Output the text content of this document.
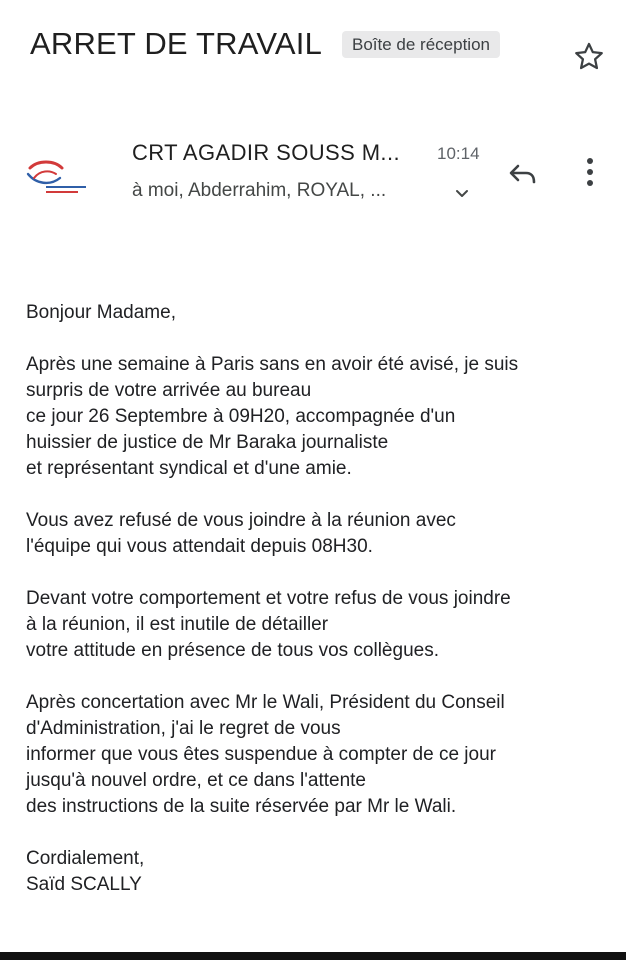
ARRET DE TRAVAIL	Boîte de réception
CRT AGADIR SOUSS M... 10:14
à moi, Abderrahim, ROYAL, ...

Bonjour Madame,

Après une semaine à Paris sans en avoir été avisé, je suis
surpris de votre arrivée au bureau
ce jour 26 Septembre à 09H20, accompagnée d'un
huissier de justice de Mr Baraka journaliste
et représentant syndical et d'une amie.

Vous avez refusé de vous joindre à la réunion avec
l'équipe qui vous attendait depuis 08H30.

Devant votre comportement et votre refus de vous joindre
à la réunion, il est inutile de détailler
votre attitude en présence de tous vos collègues.

Après concertation avec Mr le Wali, Président du Conseil
d'Administration, j'ai le regret de vous
informer que vous êtes suspendue à compter de ce jour
jusqu'à nouvel ordre, et ce dans l'attente
des instructions de la suite réservée par Mr le Wali.

Cordialement,
Saïd SCALLY
